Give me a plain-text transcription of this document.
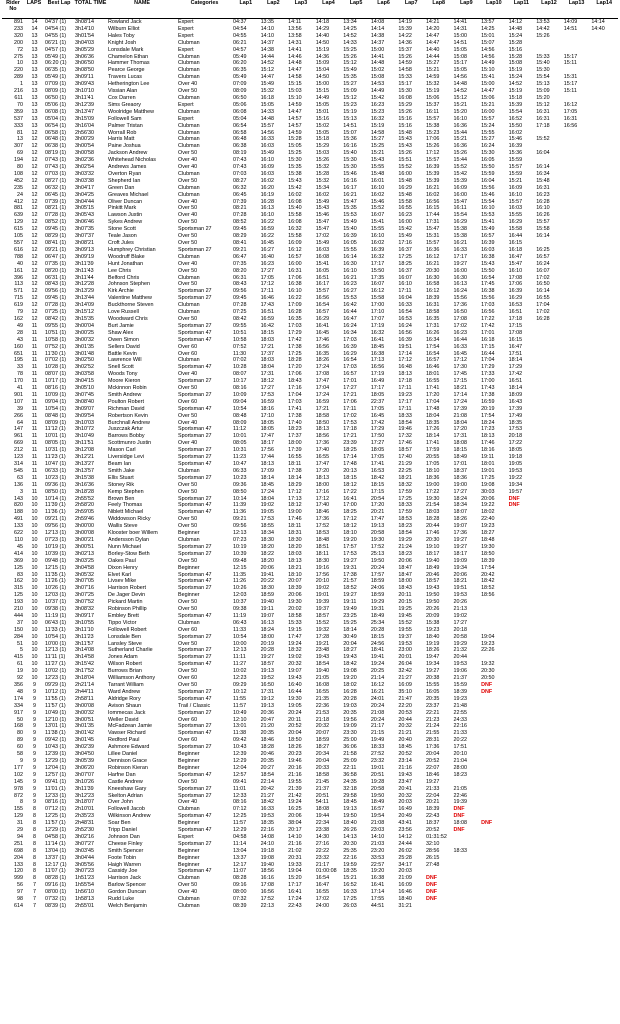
Rider No	LAPS	Best Lap	TOTAL TIME	NAME	Categories	Lap1	Lap2	Lap3	Lap4	Lap5	Lap6	Lap7	Lap8	Lap9	Lap10	Lap11	Lap12	Lap13	Lap14
891	14	04'37 (1)	3h08'14	Rowland Jack	Expert	04:37	13:35	14:11	14:18	13:34	14:08	14:19	14:21	14:41	13:57	14:12	13:53	14:09	14:14
233	14	04'54 (1)	3h14'10	Wilburn Elliot	Expert	04:54	14:10	13:56	14:29	14:25	14:14	15:39	14:20	14:31	14:25	14:48	14:42	14:51	14:40
320	13	04'55 (1)	3h01'54	Hales Toby	Expert	04:55	14:10	13:58	14:40	14:52	14:38	14:22	14:47	15:00	15:01	15:24	15:26		
200	13	06'21 (1)	3h04'03	Knight Josh	Clubman	06:21	14:37	14:31	14:50	14:33	14:37	14:36	14:47	14:51	15:07	15:28			
72	13	04'57 (1)	3h05'29	Lonsdale Mark	Expert	04:57	14:38	14:41	15:19	15:25	15:00	15:37	14:40	15:05	14:56	15:16			
275	13	05'49 (1)	3h06'36	Chamelon Ethan	Clubman	05:49	14:44	14:46	14:36	15:26	14:41	15:26	14:44	15:08	14:56	15:28	15:33	15:17	
10	13	06:20 (1)	3h06'50	Hammer Thomas	Clubman	06:20	14:52	14:48	15:09	15:12	14:48	14:59	15:27	15:17	14:49	15:08	15:40	15:11	
220	13	06'35 (1)	3h08'50	Pearce George	Clubman	06:35	15:12	14:47	15:04	15:49	15:02	14:58	15:21	15:05	15:10	15:19	15:30		
289	13	05'49 (1)	3h09'11	Travers Lucas	Clubman	05:49	14:47	14:58	14:50	15:35	15:08	15:33	14:59	14:56	15:41	15:24	15:54	15:31	
1	13	07'09 (1)	3h09'43	Hetherington Lee	Over 40	07:09	15:49	15:15	15:00	15:27	14:53	15:17	15:32	14:48	15:00	14:52	15:13	15:17	
216	13	08'09 (1)	3h10'10	Vissian Alan	Over 50	08:09	15:32	15:03	15:15	15:09	14:49	15:30	15:19	14:52	14:47	15:19	15:09	15:11	
611	13	06'50 (1)	3h11'41	Cox Darren	Clubman	06:50	16:18	15:10	14:49	15:12	15:42	16:08	15:06	15:12	15:06	15:18	15:20		
70	13	05'06 (1)	3h12'39	Sims Greaory	Expert	05:06	15:05	14:59	15:05	15:23	16:23	15:29	15:37	15:21	15:21	15:39	15:12	16:12	
359	13	06'08 (1)	3h13'47	Woolridge Matthew	Clubman	06:08	14:33	14:47	15:01	15:19	15:23	15:26	16:11	15:20	16:00	15:54	16:31	17:05	
537	13	05'04 (1)	3h15'09	Followell Sam	Expert	05:04	14:48	14:57	15:16	15:13	16:32	15:16	15:57	16:10	15:57	16:52	16:31	16:31	
333	13	06'54 (1)	3h16'04	Palmer Tristan	Clubman	06:54	15:57	14:57	15:02	14:51	15:19	15:16	15:38	16:36	15:24	15:50	17:18	16:56	
81	12	06'58 (1)	2h56'30	Worrall Rob	Clubman	06:58	14:56	14:59	15:05	15:07	14:58	15:48	15:23	15:44	15:55	16:02			
13	12	06'48 (1)	3h00'29	Harris Matt	Clubman	06:48	16:33	15:28	15:18	15:36	15:27	15:43	17:06	15:21	15:27	15:46	15:52		
307	12	06'38 (1)	3h00'54	Paine Joshua	Clubman	06:38	16:03	15:05	15:29	16:16	15:25	15:43	15:26	16:36	16:24	16:39			
69	12	08'19 (1)	3h00'58	Jackson Andrew	Over 50	08:19	15:49	15:25	15:03	15:40	15:21	15:26	17:12	15:26	15:30	15:36	16:04		
194	12	07'43 (1)	3h02'36	Whitehead Nicholas	Over 40	07:43	16:10	15:30	15:26	15:30	15:43	15:51	15:57	15:44	16:05	15:59			
80	12	07'43 (1)	3h02'54	Andrews James	Over 40	07:43	16:09	15:35	15:32	15:30	15:55	15:52	16:39	15:52	15:50	15:57	16:14		
108	12	07'03 (1)	3h03'32	Overton Ryan	Clubman	07:03	16:03	15:38	15:28	15:46	15:48	16:00	15:39	15:42	15:59	15:59	16:34		
452	12	08'27 (1)	3h03'38	Shepherd Ian	Over 50	08:27	16:02	15:43	15:32	16:16	16:01	15:48	15:39	15:39	16:04	15:21	15:48		
235	12	06'32 (1)	3h04'17	Green Dan	Clubman	06:32	16:20	15:42	15:34	16:17	16:10	16:29	16:21	16:09	15:56	16:09	16:31		
24	12	06'45 (1)	3h04'25	Greaves Michael	Clubman	06:45	16:19	16:02	16:02	16:21	16:02	15:48	16:02	16:00	15:46	16:10	16:23		
412	12	07'39 (1)	3h04'44	Oliver Duncan	Over 40	07:39	16:28	16:08	15:49	15:47	15:46	15:58	16:56	15:47	15:54	15:57	16:28		
881	12	08'21 (1)	3h05'15	Pinkitt Mark	Over 50	08:21	16:13	15:40	15:43	15:35	15:52	16:55	16:15	16:11	16:10	16:03	16:10		
639	12	07'28 (1)	3h05'43	Lawson Justin	Over 40	07:28	16:10	15:58	15:46	15:53	16:07	16:23	17:44	15:54	15:53	15:55	16:26		
129	12	08'52 (1)	3h06'46	Sykes Andrew	Over 50	08:52	16:22	16:08	15:47	15:49	15:41	16:00	17:31	16:29	15:41	16:29	15:57		
615	12	09'45 (1)	3h07'35	Stone Scott	Sportsman 27	09:45	16:59	16:32	15:47	15:40	15:55	15:42	15:47	15:38	15:49	15:58	15:58		
105	12	08'29 (1)	3h07'37	Teale Jason	Over 50	08:29	16:22	15:58	17:02	16:39	16:10	15:49	15:31	15:38	16:57	16:44	16:14		
557	12	08'41 (1)	3h08'21	Croft Jules	Over 50	08:41	16:45	16:09	15:49	16:05	16:02	17:16	15:57	16:21	16:39	16:15			
616	12	09'21 (1)	3h09'13	Humphrey Christian	Sportsman 27	09:21	16:27	16:12	16:03	15:55	16:39	16:37	16:36	16:33	16:03	16:18	16:25		
788	12	06'47 (1)	3h09'19	Woodruff Blake	Clubman	06:47	16:40	16:57	16:08	16:14	16:32	17:25	16:12	17:17	16:38	16:47	16:57		
40	12	07'35 (1)	3h11'39	Hunt Jonathan	Over 40	07:35	16:23	16:00	15:41	16:30	17:17	18:25	16:21	19:27	15:43	15:47	16:24		
161	12	08'20 (1)	3h11'43	Lee Chris	Over 50	08:20	17:27	16:31	16:05	16:10	15:50	16:37	20:30	16:00	15:50	16:10	16:07		
396	12	06'31 (1)	3h11'44	Belford Chris	Clubman	06:31	17:05	17:06	16:51	16:21	17:35	16:07	16:30	16:30	16:54	17:08	17:02		
113	12	08'43 (1)	3h12'28	Johnson Stephen	Over 50	08:43	17:12	16:38	16:17	16:23	16:07	16:10	16:58	16:13	17:45	17:06	16:50		
571	12	09'56 (1)	3h13'29	Kirk Archie	Sportsman 27	09:56	17:11	16:10	15:57	16:27	16:12	17:11	16:12	16:24	16:38	16:39	16:14		
715	12	09'45 (1)	3h13'44	Valentine Matthew	Sportsman 27	09:45	16:46	16:22	16:56	15:53	15:58	16:04	18:39	15:56	15:56	16:29	16:55		
619	12	07'28 (1)	3h14'09	Buckthorne Steven	Clubman	07:28	17:43	17:09	16:54	16:42	17:00	16:33	16:31	17:36	17:03	16:53	17:04		
79	12	07'25 (1)	3h15'12	Love Russell	Clubman	07:25	16:51	16:28	16:57	16:44	17:10	16:54	18:58	16:50	16:56	16:51	17:02		
162	12	08'42 (1)	3h15'35	Woodward Chris	Over 50	08:42	16:59	16:35	16:29	16:47	17:07	16:53	16:35	17:08	17:22	17:18	16:28		
49	11	09'55 (1)	3h00'04	Burt Jamie	Sportsman 27	09:55	16:42	17:03	16:41	16:24	17:19	16:24	17:31	17:02	17:42	17:15			
28	11	10'51 (1)	3h00'25	Shaw Alex	Sportsman 47	10:51	18:15	17:29	16:45	16:34	16:32	16:56	16:26	16:23	17:01	17:08			
43	11	10'58 (1)	3h00'32	Owen Simon	Sportsman 47	10:58	18:03	17:42	17:46	17:03	16:41	16:39	16:34	16:44	16:18	16:15			
160	11	07'52 (1)	3h01'35	Sellers David	Over 60	07:52	17:21	17:38	16:56	16:39	18:45	19:51	17:54	16:33	17:15	16:47			
651	11	11'30 (1)	3h01'48	Battle Kevin	Over 60	11:30	17:37	17:25	16:35	16:29	16:38	17:14	16:54	16:45	16:44	17:51			
195	11	07'02 (1)	3h02'50	Lawrence Will	Clubman	07:02	18:03	18:28	18:26	16:54	17:13	17:12	16:57	17:12	17:04	18:14			
33	11	10'28 (1)	3h02'52	Snell Scott	Sportsman 47	10:28	18:04	17:20	17:24	17:03	16:56	16:48	16:46	17:30	17:29	17:29			
78	11	08'07 (1)	3h03'58	Woods Tony	Over 40	08:07	17:31	17:06	17:08	16:57	17:19	18:13	18:01	17:45	17:33	17:42			
170	11	10'17 (1)	3h04'15	Moore Kieron	Sportsman 27	10:17	18:12	18:43	17:47	17:01	16:49	17:18	16:55	17:15	17:00	16:51			
41	11	08'16 (1)	3h05'10	Mckinnon Robin	Over 50	08:16	17:27	17:16	17:04	17:27	17:17	17:11	17:41	18:21	17:43	18:14			
901	11	10'09 (1)	3h07'45	Smith Andrew	Sportsman 27	10:09	17:53	17:04	17:24	17:21	18:05	19:23	17:20	17:14	17:38	18:09			
107	11	09'04 (1)	3h08'40	Poulton Robert	Over 60	09:04	16:59	17:03	16:59	17:06	22:37	17:17	17:04	17:24	16:59	16:43			
39	11	10'54 (1)	3h09'07	Richman David	Sportsman 47	10:54	18:16	17:41	17:21	17:11	17:05	17:11	17:48	17:39	20:19	17:39			
266	11	08'48 (1)	3h09'54	Robertson Kevin	Over 50	08:48	17:10	17:38	18:58	17:02	16:45	18:33	18:04	21:08	17:54	17:49			
64	11	08'09 (1)	3h10'03	Burchnall Andrew	Over 40	08:09	18:05	17:40	18:50	17:53	17:42	18:54	18:35	18:04	18:24	18:35			
147	11	11'12 (1)	3h10'72	Juszczak Artur	Sportsman 47	11:12	18:05	18:23	18:13	17:18	17:29	19:46	17:26	17:20	17:23	17:53			
961	11	10'01 (1)	3h10'49	Barrows Bobby	Sportsman 27	10:01	17:47	17:37	18:56	17:21	17:50	17:32	18:14	17:31	18:13	20:18			
669	11	08'05 (1)	3h11'51	Scottmunro Justin	Over 40	08:05	18:17	18:00	17:36	23:39	17:27	17:46	17:41	18:08	17:46	17:22			
212	11	10'31 (1)	3h12'08	Mason Carl	Sportsman 27	10:31	17:56	17:39	17:40	18:25	18:05	18:57	17:59	18:15	18:16	18:05			
123	11	11'23 (1)	3h12'21	Liversidge Levi	Sportsman 27	11:23	17:44	16:55	16:55	17:14	17:05	17:40	20:55	18:49	19:11	19:18			
314	11	10'47 (1)	3h13'27	Beam Ian	Sportsman 47	10:47	18:13	18:11	17:47	17:48	17:41	21:29	17:05	17:01	18:01	19:05			
545	11	06'33 (1)	3h13'57	Smith Jake	Clubman	06:33	17:09	17:38	17:20	20:13	16:53	22:25	18:10	18:37	19:01	19:53			
63	11	10'23 (1)	3h15'38	Ellis Stuart	Sportsman 27	10:23	18:14	18:14	18:13	18:15	18:42	18:21	18:36	18:36	17:25	19:22			
136	11	09'36 (1)	3h16'36	Stoney Rik	Over 50	09:36	18:45	18:29	18:00	18:12	18:15	18:32	19:00	19:00	19:08	19:34			
3	11	08'50 (1)	3h18'28	Kemp Stephen	Over 50	08:50	17:24	17:12	17:16	17:22	17:15	17:59	17:22	17:27	30:03	19:57			
143	10	10'14 (1)	2h55'52	Brown Ben	Sportsman 27	10:14	18:04	17:13	17:12	16:41	20:54	17:25	19:30	18:24	20:06	DNF			
820	10	11'39 (1)	2h58'20	Feely Thomas	Sportsman 47	11:39	19:02	18:12	17:40	17:00	17:20	18:33	21:54	18:34	19:22	DNF			
188	10	11'36 (1)	2h59'05	Niblett Michael	Sportsman 47	11:36	19:05	19:00	18:46	18:25	20:21	17:59	18:03	18:07	18:02				
491	10	09'21 (1)	2h59'46	Widdowson Ricky	Over 50	09:21	17:53	17:46	17:36	17:12	17:47	18:53	18:28	18:26	22:40				
133	10	09'56 (1)	3h00'00	Wallis Steve	Over 50	09:56	18:55	18:11	17:52	18:12	19:13	18:23	20:44	19:07	19:23				
622	10	12'13 (1)	3h00'08	Klooster boer Willem	Beginner	12:13	18:34	18:31	18:53	18:10	20:58	18:54	17:46	17:36	18:27				
110	10	07'23 (1)	3h00'21	Andersson Dylan	Clubman	07:23	18:30	18:30	18:48	19:20	19:30	19:29	20:30	19:27	18:48				
45	10	10'19 (1)	3h00'51	Nunn Michael	Sportsman 27	10:19	18:20	18:20	18:51	17:57	17:52	21:24	19:10	19:27	19:30				
414	10	10'39 (1)	3h02'13	Borley-Stow Beth	Sportsman 27	10:39	18:22	18:03	18:11	17:53	25:13	18:23	18:17	18:17	18:50				
369	10	09'48 (1)	3h03'25	Oakes Paul	Over 50	09:48	18:20	18:13	18:30	19:27	19:50	20:06	19:40	19:09	18:39				
125	10	12'15 (1)	3h04'58	Dixon Henry	Beginner	12:15	20:06	18:21	19:16	19:31	20:24	18:47	18:49	19:34	17:54				
83	10	11'35 (1)	3h05'32	Elvet Karl	Sportsman 47	11:35	19:41	18:10	17:56	17:38	17:57	18:47	20:46	20:06	20:42				
162	10	11'26 (1)	3h07'05	Livsev Mike	Sportsman 47	11:26	20:22	20:07	20:10	21:57	18:59	18:00	18:57	18:21	18:42				
315	10	10'26 (1)	3h07'16	Harrison Robert	Sportsman 27	10:26	18:30	18:39	19:02	18:52	24:06	18:43	19:43	19:51	18:52				
125	10	12'03 (1)	3h07'25	De Jager Devin	Beginner	12:03	18:59	20:06	19:01	19:27	18:59	20:11	19:50	19:53	18:56				
193	10	10'37 (1)	3h07'52	Pickard Martin	Over 50	10:37	19:40	19:30	19:39	19:11	19:29	20:15	19:50	20:26					
210	10	09'38 (1)	3h08'32	Robinson Phillip	Over 50	09:38	19:11	20:02	19:37	19:49	19:31	19:25	20:26	21:13					
444	10	11:19 (1)	3h09'17	Embley Brett	Sportsman 47	11:19	19:07	18:58	18:57	23:25	18:49	19:45	20:09	19:02					
37	10	06'43 (1)	3h10'55	Tippo Victor	Clubman	06:43	16:13	15:33	15:52	15:25	25:34	15:52	15:38	17:27					
150	10	11'33 (1)	3h11'10	Followell Robert	Over 60	11:33	18:24	19:15	19:32	18:14	20:28	19:55	19:23	20:18					
284	10	10'54 (1)	3h11'23	Lonsdale Ben	Sportsman 27	10:54	18:00	17:47	17:28	30:49	18:15	19:37	18:40	20:58	19:04				
51	10	10'00 (1)	3h11'57	Lansley Steve	Over 50	10:00	20:19	19:24	19:21	20:04	24:56	19:53	19:19	19:29	19:23				
5	10	12'13 (1)	3h14'08	Sutherland Charlie	Sportsman 27	12:13	20:28	18:32	23:48	18:27	18:41	23:00	18:26	21:32	22:26				
415	10	11'11 (1)	3h14'58	Jones Adam	Sportsman 27	11:11	19:27	19:02	19:43	19:43	19:41	20:01	19:47	20:44					
61	10	11'27 (1)	3h15'42	Wilson Robert	Sportsman 47	11:27	18:57	20:32	18:54	18:42	19:24	26:04	19:34	19:53	19:32				
19	10	10'02 (1)	3h17'52	Burrows Brian	Over 50	10:02	19:13	19:07	19:40	19:08	20:25	32:42	19:27	19:06	20:30				
92	10	12'23 (1)	3h18'04	Williamson Anthony	Over 60	12:23	19:52	19:43	21:05	19:20	21:14	21:27	20:38	21:37	20:50				
356	9	09'29 (1)	2h21'14	Tarrant William	Over 50	09:29	16:50	16:40	16:08	18:02	16:12	16:09	15:55	15:59	DNF				
48	9	10'12 (1)	2h44'11	Ward Andrew	Sportsman 27	10:12	17:31	16:44	16:55	16:28	16:21	35:10	16:05	18:39	DNF				
174	9	11'55 (1)	2h58'11	Aldridge Rory	Sportsman 47	11:55	19:12	19:30	21:35	20:28	24:01	21:47	20:35	19:23					
334	9	11'57 (1)	3h00'08	Avison Shaun	Trail / Classic	11:57	19:13	19:05	22:36	19:03	20:24	22:20	23:37	21:48					
917	9	10'49 (1)	3h00'32	Iommecas Jack	Sportsman 27	10:49	20:36	20:24	21:53	20:35	21:08	20:53	22:21	22:55					
50	9	12'10 (1)	3h00'51	Weller David	Over 60	12:10	20:47	20:11	21:18	19:56	20:24	20:44	21:23	24:33					
168	9	13'01 (1)	3h01'35	McFadzean Jamie	Sportsman 27	13:01	21:20	20:52	20:32	19:09	21:17	20:32	21:24	22:16					
80	9	11'38 (1)	3h01'42	Vawser Richard	Sportsman 47	11:38	20:35	20:04	20:07	23:30	21:15	21:21	21:55	21:33					
89	9	09'42 (1)	3h01'45	Redford Paul	Over 60	09:42	18:46	18:50	18:59	25:00	19:49	20:40	28:31	20:22					
60	9	10'43 (1)	3h02'39	Ashmore Edward	Sportsman 27	10:43	18:28	18:26	18:27	36:06	18:33	18:45	17:36	17:51					
58	9	12'39 (1)	3h04'50	Lillee Daniel	Beginner	12:39	20:46	20:23	20:34	21:58	27:52	20:52	20:04	20:10					
9	9	12'29 (1)	3h05'39	Dennison Grace	Beginner	12:29	20:35	19:46	20:04	25:09	23:32	23:14	20:52	21:04					
177	9	12'04 (1)	3h06'20	Robinson Kieran	Beginner	12:04	20:27	20:16	20:33	22:11	19:01	21:16	22:07	28:00					
102	9	12'57 (1)	3h07'07	Harfne Dan	Sportsman 47	12:57	18:54	21:16	18:58	36:58	20:51	19:43	18:46	18:23					
145	9	09'41 (1)	3h10'26	Castle Andrew	Over 50	09:41	22:14	19:55	21:45	24:35	19:28	23:47	19:27						
978	9	11'01 (1)	3h11'39	Kneeshaw Gary	Sportsman 27	11:01	20:42	21:39	21:37	32:18	20:58	20:41	21:33	21:05					
872	9	12'33 (1)	3h12'23	Skelton Adrian	Sportsman 27	12:33	21:27	21:42	20:51	29:58	19:50	20:32	22:04	22:46					
8	9	08'16 (1)	3h18'07	Over John	Over 40	08:16	18:42	19:24	54:11	18:45	18:49	20:03	20:21	19:39					
155	8	07'12 (1)	2h10'01	Followell Jacob	Clubman	07:12	16:33	16:25	18:08	19:13	16:57	16:49	18:39	DNF					
129	8	12'25 (1)	2h35'23	Wilkinson Andrew	Sportsman 47	12:25	19:53	20:06	19:44	19:50	19:54	20:49	22:43	DNF					
31	8	11'57 (1)	2h48'31	Soar Ben	Beginner	11:57	18:35	38:04	22:34	18:40	21:08	43:41	18:37	18:08	DNF				
29	8	12'29 (1)	2h52'30	Tripp Daniel	Sportsman 47	12:29	22:16	20:17	23:38	26:26	23:03	23:56	20:52	DNF					
94	8	04'58 (1)	3h02'16	Johnson Dan	Expert	04:58	14:08	14:10	14:30	14:13	14:10	14:12	01:31:52						
251	8	11'14 (1)	3h07'27	Cheese Finley	Sportsman 27	11:14	24:10	21:16	27:16	20:30	21:03	24:44	32:10						
698	8	13'04 (1)	3h03'45	Smith Spencer	Beginner	13:04	19:18	21:02	22:22	25:35	23:20	26:02	28:56	18:33					
204	8	13'37 (1)	3h04'44	Foote Tobin	Beginner	13:37	19:08	20:31	23:32	22:16	33:53	25:28	26:15						
133	8	12:17 (1)	3h05'56	Haigh Warren	Beginner	12:17	19:40	19:33	21:17	19:59	22:57	34:17	27:48						
120	8	11'07 (1)	3h07'23	Cassidy Joe	Sportsman 47	11:07	18:56	19:04	01:00:08	18:35	19:20	20:03							
999	8	08'28 (1)	1h51'23	Harrison Jack	Clubman	08:28	16:16	15:20	16:54	15:21	16:38	21:09	DNF						
56	7	09'16 (1)	1h55'54	Barlow Spencer	Over 50	09:16	17:08	17:17	16:47	16:52	16:41	16:09	DNF						
97	7	08'00 (1)	1h56'10	Gordon Duncan	Over 40	08:00	16:56	16:41	16:55	16:33	17:14	16:46	DNF						
98	7	07'32 (1)	1h58'13	Rudd Luke	Clubman	07:32	17:52	17:24	17:02	17:25	17:55	18:40	DNF						
614	7	08'39 (1)	2h55'01	Welch Benjamin	Clubman	08:39	22:13	22:43	24:00	26:03	44:51	31:21							
